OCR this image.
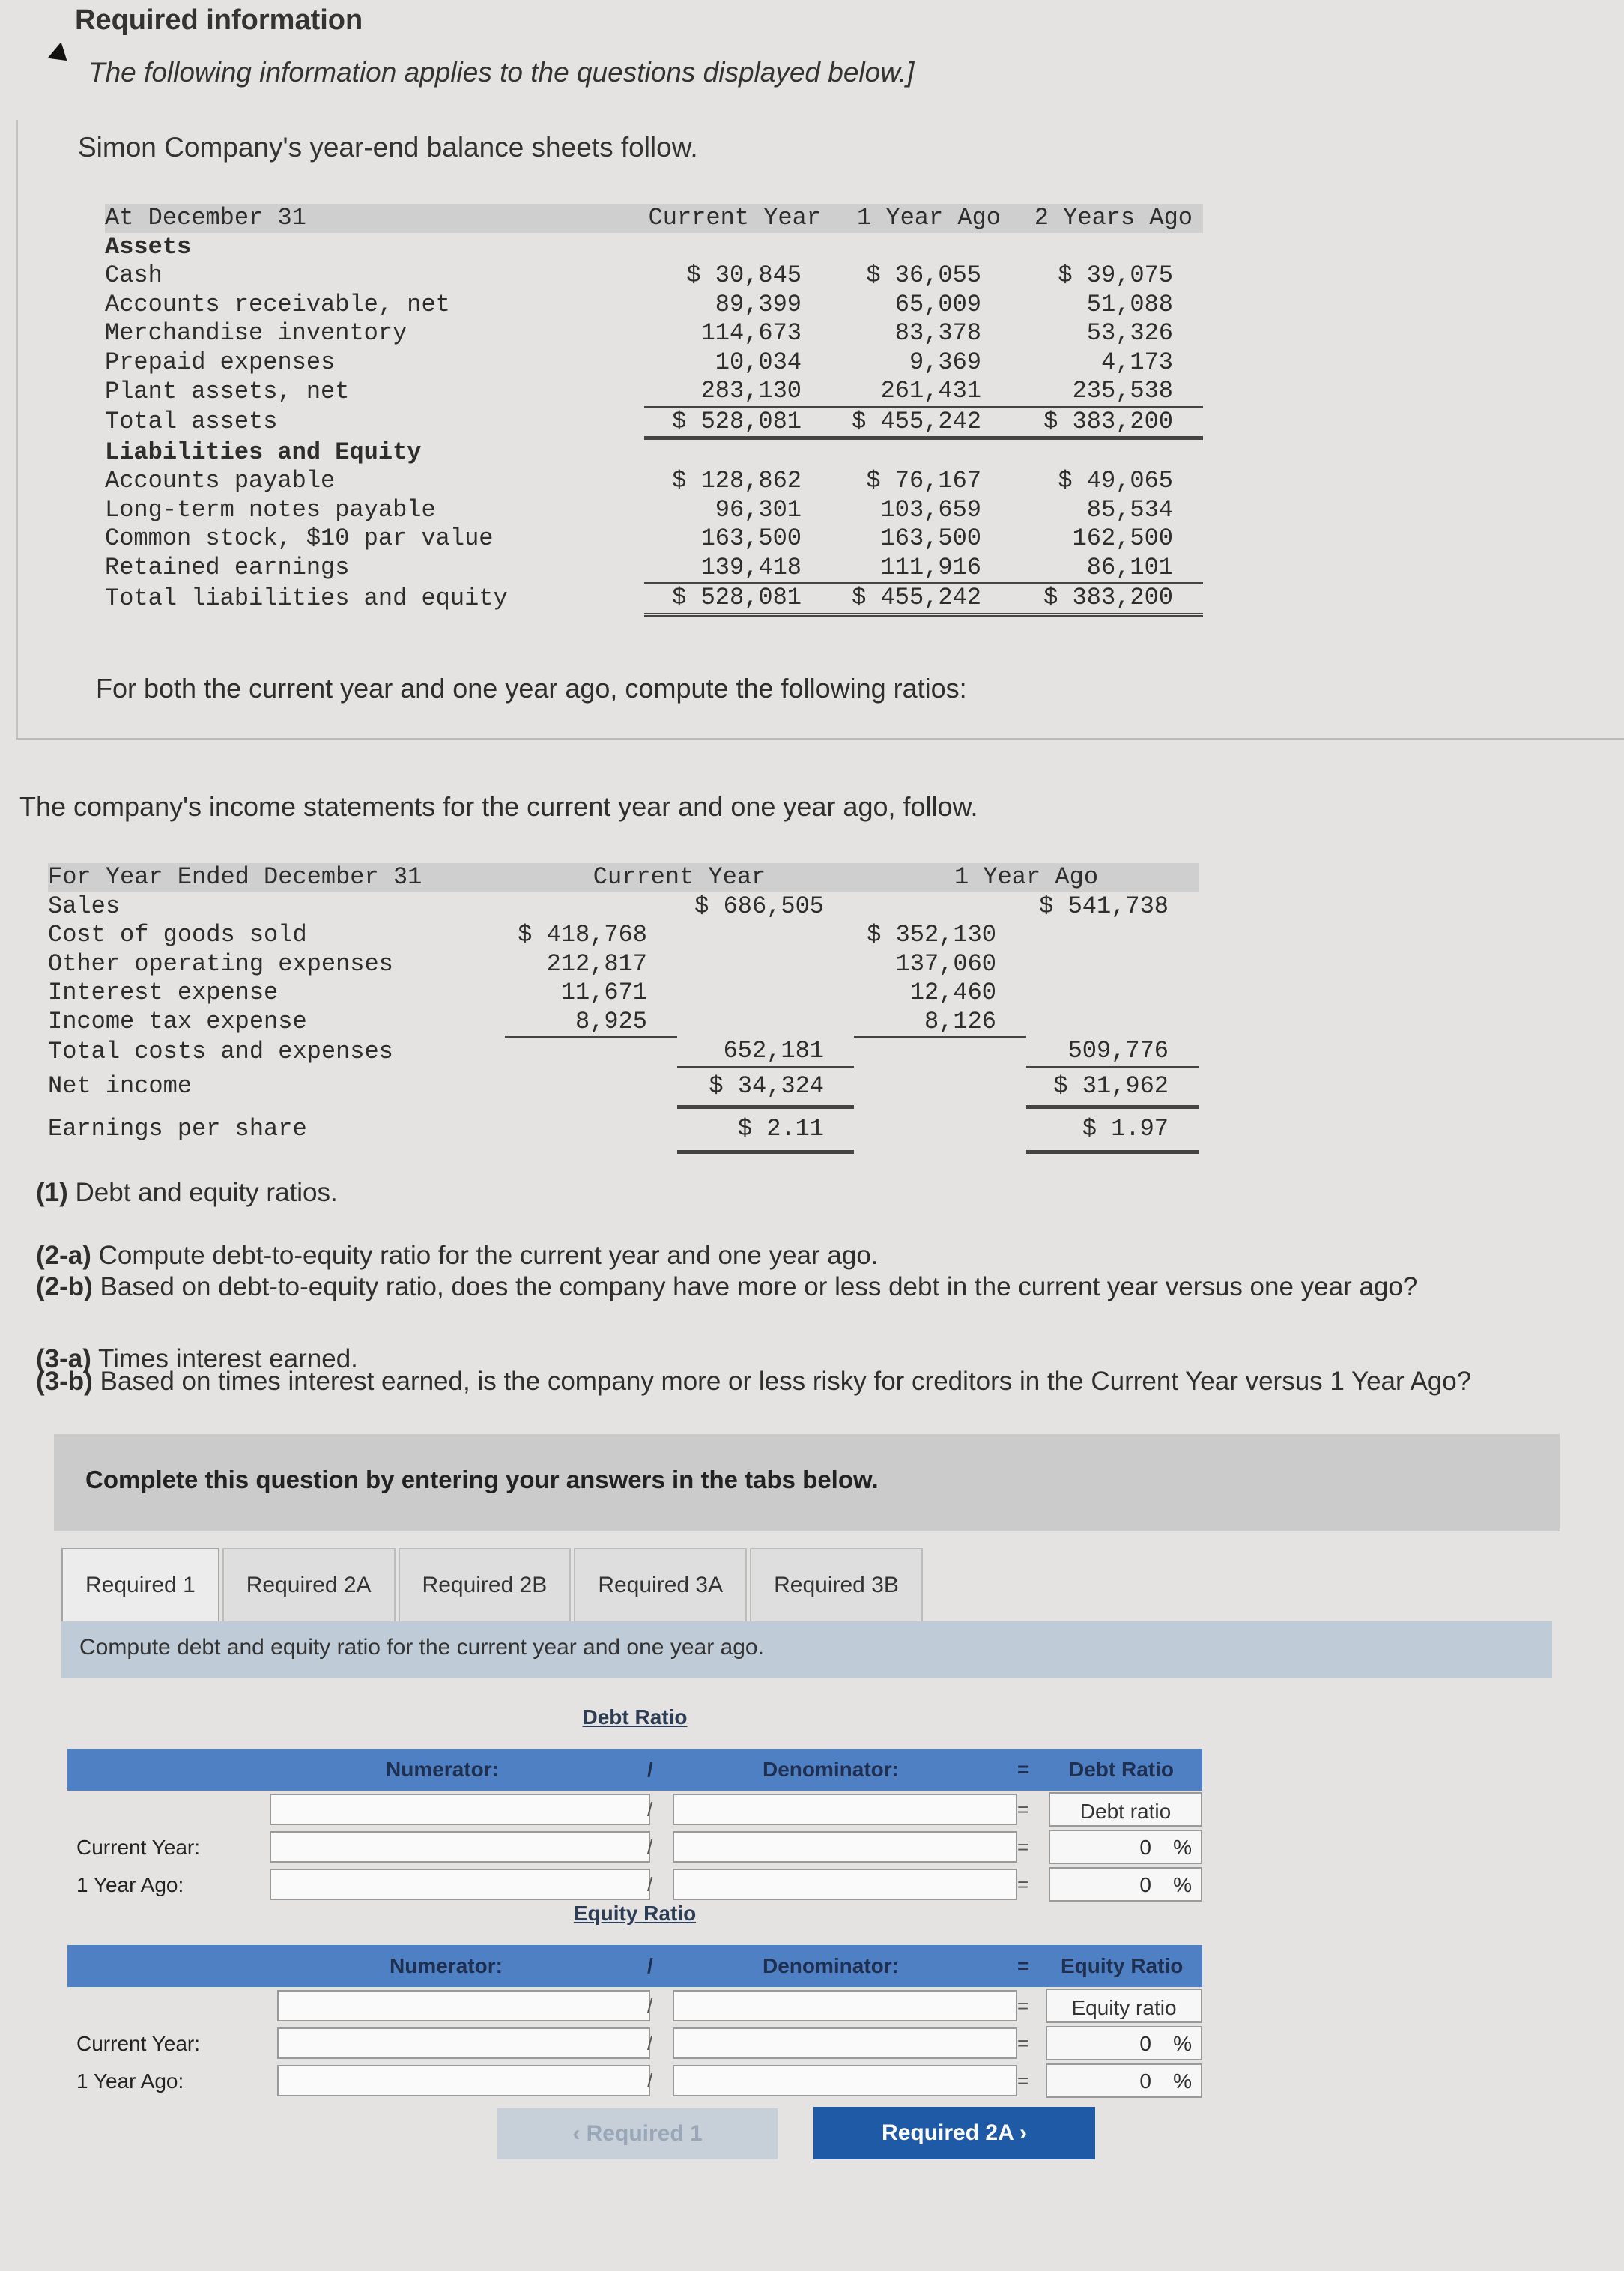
Required information
The following information applies to the questions displayed below.]
Simon Company's year-end balance sheets follow.
At December 31	Current Year	1 Year Ago	2 Years Ago
Assets			
Cash	$ 30,845	$ 36,055	$ 39,075
Accounts receivable, net	89,399	65,009	51,088
Merchandise inventory	114,673	83,378	53,326
Prepaid expenses	10,034	9,369	4,173
Plant assets, net	283,130	261,431	235,538
Total assets	$ 528,081	$ 455,242	$ 383,200
Liabilities and Equity			
Accounts payable	$ 128,862	$ 76,167	$ 49,065
Long-term notes payable	96,301	103,659	85,534
Common stock, $10 par value	163,500	163,500	162,500
Retained earnings	139,418	111,916	86,101
Total liabilities and equity	$ 528,081	$ 455,242	$ 383,200
For both the current year and one year ago, compute the following ratios:
The company's income statements for the current year and one year ago, follow.
For Year Ended December 31	Current Year		1 Year Ago	
Sales		$ 686,505		$ 541,738
Cost of goods sold	$ 418,768		$ 352,130	
Other operating expenses	212,817		137,060	
Interest expense	11,671		12,460	
Income tax expense	8,925		8,126	
Total costs and expenses		652,181		509,776
Net income		$ 34,324		$ 31,962
Earnings per share		$ 2.11		$ 1.97
(1) Debt and equity ratios.
(2-a) Compute debt-to-equity ratio for the current year and one year ago.
(2-b) Based on debt-to-equity ratio, does the company have more or less debt in the current year versus one year ago?
(3-a) Times interest earned.
(3-b) Based on times interest earned, is the company more or less risky for creditors in the Current Year versus 1 Year Ago?
Complete this question by entering your answers in the tabs below.
Required 1	Required 2A	Required 2B	Required 3A	Required 3B
Compute debt and equity ratio for the current year and one year ago.
Debt Ratio
Numerator:	/	Denominator:	= Debt Ratio
/	=	Debt ratio
Current Year:	/	=	0 %
1 Year Ago:	/	=	0 %
Equity Ratio
Numerator:	/	Denominator:	= Equity Ratio
/	=	Equity ratio
Current Year:	/	=	0 %
1 Year Ago:	/	=	0 %
‹ Required 1	Required 2A ›
